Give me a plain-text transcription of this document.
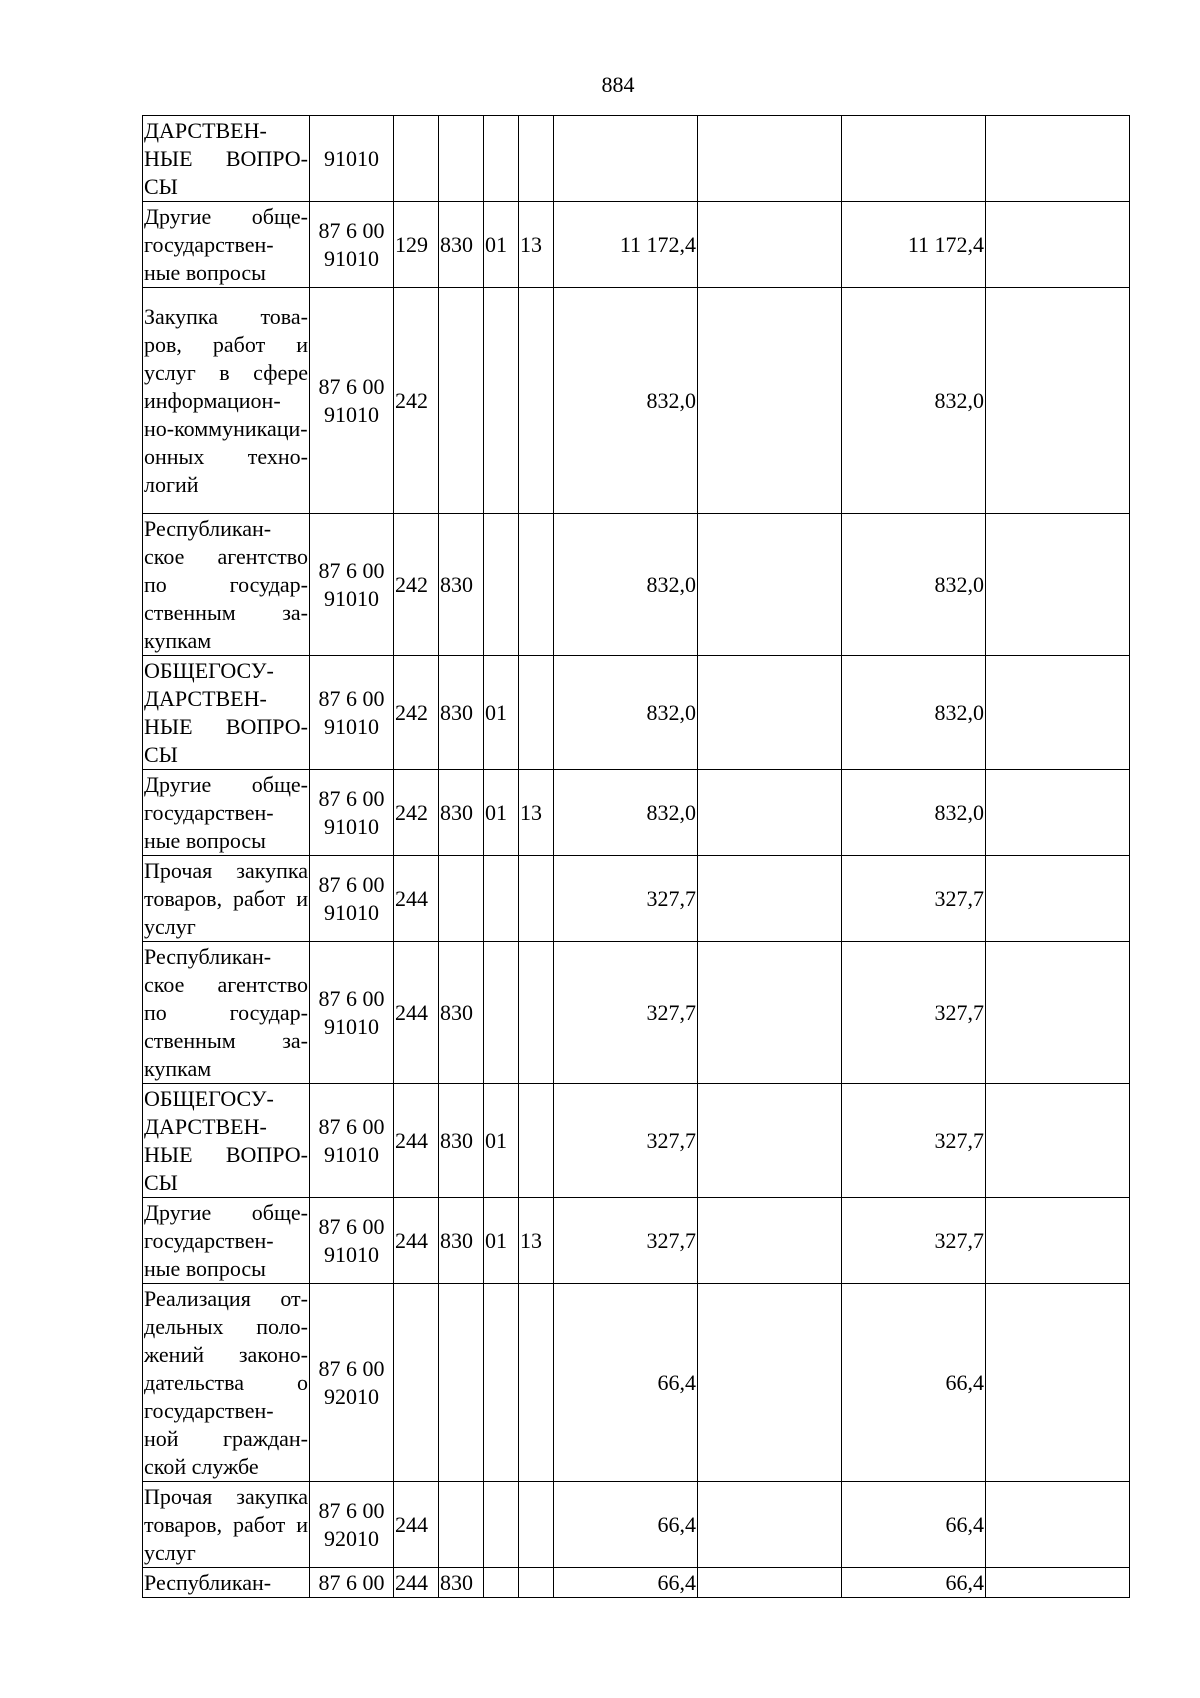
884
ДАРСТВЕН-НЫЕ ВОПРО-СЫ	91010								
Другие обще-государствен-ные вопросы	87 6 00 91010	129	830	01	13	11 172,4		11 172,4	
Закупка това-ров, работ и услуг в сфере информацион-но-коммуникаци-онных техно-логий	87 6 00 91010	242				832,0		832,0	
Республикан-ское агентство по государ-ственным за-купкам	87 6 00 91010	242	830			832,0		832,0	
ОБЩЕГОСУ-ДАРСТВЕН-НЫЕ ВОПРО-СЫ	87 6 00 91010	242	830	01		832,0		832,0	
Другие обще-государствен-ные вопросы	87 6 00 91010	242	830	01	13	832,0		832,0	
Прочая закупка товаров, работ и услуг	87 6 00 91010	244				327,7		327,7	
Республикан-ское агентство по государ-ственным за-купкам	87 6 00 91010	244	830			327,7		327,7	
ОБЩЕГОСУ-ДАРСТВЕН-НЫЕ ВОПРО-СЫ	87 6 00 91010	244	830	01		327,7		327,7	
Другие обще-государствен-ные вопросы	87 6 00 91010	244	830	01	13	327,7		327,7	
Реализация от-дельных поло-жений законо-дательства о государствен-ной граждан-ской службе	87 6 00 92010					66,4		66,4	
Прочая закупка товаров, работ и услуг	87 6 00 92010	244				66,4		66,4	
Республикан-	87 6 00	244	830			66,4		66,4	
